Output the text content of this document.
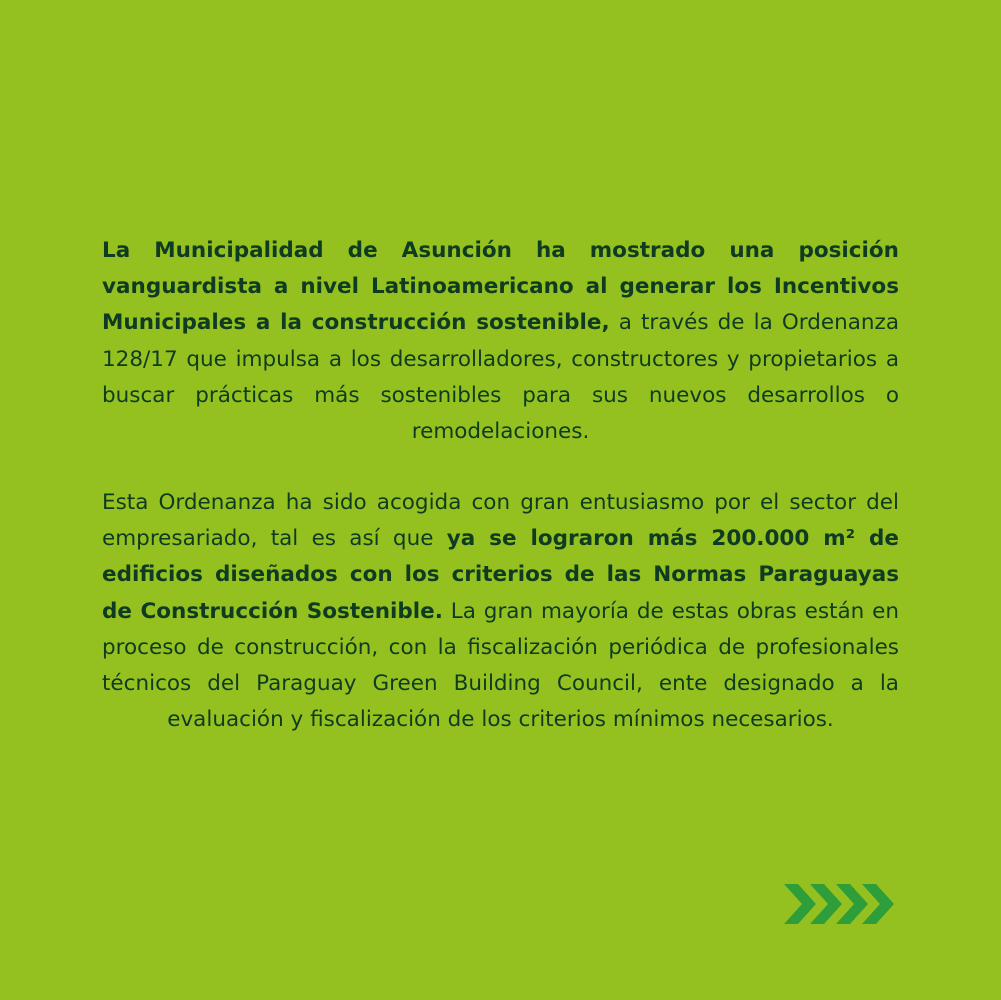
La Municipalidad de Asunción ha mostrado una posición vanguardista a nivel Latinoamericano al generar los Incentivos Municipales a la construcción sostenible, a través de la Ordenanza 128/17 que impulsa a los desarrolladores, constructores y propietarios a buscar prácticas más sostenibles para sus nuevos desarrollos o remodelaciones.
Esta Ordenanza ha sido acogida con gran entusiasmo por el sector del empresariado, tal es así que ya se lograron más 200.000 m² de edificios diseñados con los criterios de las Normas Paraguayas de Construcción Sostenible. La gran mayoría de estas obras están en proceso de construcción, con la fiscalización periódica de profesionales técnicos del Paraguay Green Building Council, ente designado a la evaluación y fiscalización de los criterios mínimos necesarios.
